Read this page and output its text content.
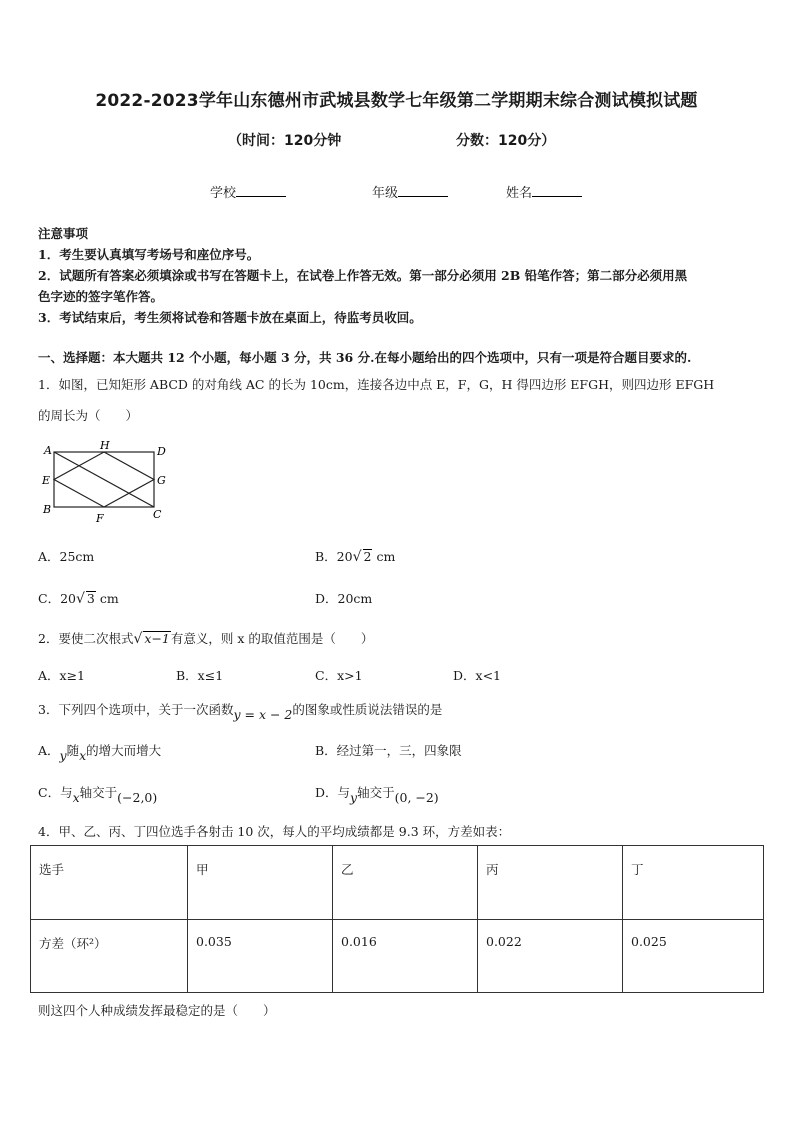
2022-2023学年山东德州市武城县数学七年级第二学期期末综合测试模拟试题
（时间：120分钟	分数：120分）
学校	年级	姓名
注意事项
1．考生要认真填写考场号和座位序号。
2．试题所有答案必须填涂或书写在答题卡上，在试卷上作答无效。第一部分必须用 2B 铅笔作答；第二部分必须用黑
色字迹的签字笔作答。
3．考试结束后，考生须将试卷和答题卡放在桌面上，待监考员收回。
一、选择题：本大题共 12 个小题，每小题 3 分，共 36 分.在每小题给出的四个选项中，只有一项是符合题目要求的.
1．如图，已知矩形 ABCD 的对角线 AC 的长为 10cm，连接各边中点 E，F，G，H 得四边形 EFGH，则四边形 EFGH
的周长为（　　）
A	H	D
E	G
B
F	C
A．25cm	B．20√ 2 cm
C．20√ 3 cm	D．20cm
2．要使二次根式√ x−1有意义，则 x 的取值范围是（　　）
A．x≥1	B．x≤1	C．x>1	D．x<1
3．下列四个选项中，关于一次函数y = x − 2的图象或性质说法错误的是
A．y随x的增大而增大	B．经过第一，三，四象限
C．与x轴交于(−2,0)	D．与y轴交于(0, −2)
4．甲、乙、丙、丁四位选手各射击 10 次，每人的平均成绩都是 9.3 环，方差如表：
选手	甲	乙	丙	丁
方差（环²）	0.035	0.016	0.022	0.025
则这四个人种成绩发挥最稳定的是（　　）
